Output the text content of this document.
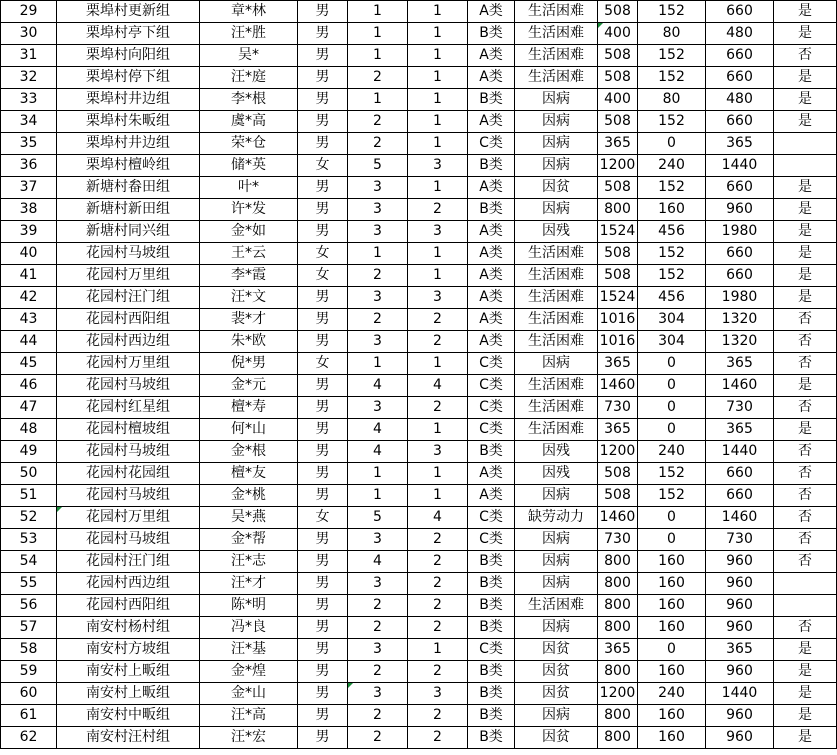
29	栗埠村更新组	章*林	男	1	1	A类	生活困难	508	152	660	是
30	栗埠村亭下组	汪*胜	男	1	1	B类	生活困难	400	80	480	是
31	栗埠村向阳组	吴*	男	1	1	A类	生活困难	508	152	660	否
32	栗埠村停下组	汪*庭	男	2	1	A类	生活困难	508	152	660	是
33	栗埠村井边组	李*根	男	1	1	B类	因病	400	80	480	是
34	栗埠村朱畈组	虞*高	男	2	1	A类	因病	508	152	660	是
35	栗埠村井边组	荣*仓	男	2	1	C类	因病	365	0	365	
36	栗埠村檀岭组	储*英	女	5	3	B类	因病	1200	240	1440	
37	新塘村畚田组	叶*	男	3	1	A类	因贫	508	152	660	是
38	新塘村新田组	许*发	男	3	2	B类	因病	800	160	960	是
39	新塘村同兴组	金*如	男	3	3	A类	因残	1524	456	1980	是
40	花园村马坡组	王*云	女	1	1	A类	生活困难	508	152	660	是
41	花园村万里组	李*霞	女	2	1	A类	生活困难	508	152	660	是
42	花园村汪门组	汪*文	男	3	3	A类	生活困难	1524	456	1980	是
43	花园村西阳组	裴*才	男	2	2	A类	生活困难	1016	304	1320	否
44	花园村西边组	朱*欧	男	3	2	A类	生活困难	1016	304	1320	否
45	花园村万里组	倪*男	女	1	1	C类	因病	365	0	365	否
46	花园村马坡组	金*元	男	4	4	C类	生活困难	1460	0	1460	是
47	花园村红星组	檀*寿	男	3	2	C类	生活困难	730	0	730	否
48	花园村檀坡组	何*山	男	4	1	C类	生活困难	365	0	365	是
49	花园村马坡组	金*根	男	4	3	B类	因残	1200	240	1440	否
50	花园村花园组	檀*友	男	1	1	A类	因残	508	152	660	否
51	花园村马坡组	金*桃	男	1	1	A类	因病	508	152	660	否
52	花园村万里组	吴*燕	女	5	4	C类	缺劳动力	1460	0	1460	否
53	花园村马坡组	金*帮	男	3	2	C类	因病	730	0	730	否
54	花园村汪门组	汪*志	男	4	2	B类	因病	800	160	960	否
55	花园村西边组	汪*才	男	3	2	B类	因病	800	160	960	
56	花园村西阳组	陈*明	男	2	2	B类	生活困难	800	160	960	
57	南安村杨村组	冯*良	男	2	2	B类	因病	800	160	960	否
58	南安村方坡组	汪*基	男	3	1	C类	因贫	365	0	365	是
59	南安村上畈组	金*煌	男	2	2	B类	因贫	800	160	960	是
60	南安村上畈组	金*山	男	3	3	B类	因贫	1200	240	1440	是
61	南安村中畈组	汪*高	男	2	2	B类	因病	800	160	960	是
62	南安村汪村组	汪*宏	男	2	2	B类	因贫	800	160	960	是
